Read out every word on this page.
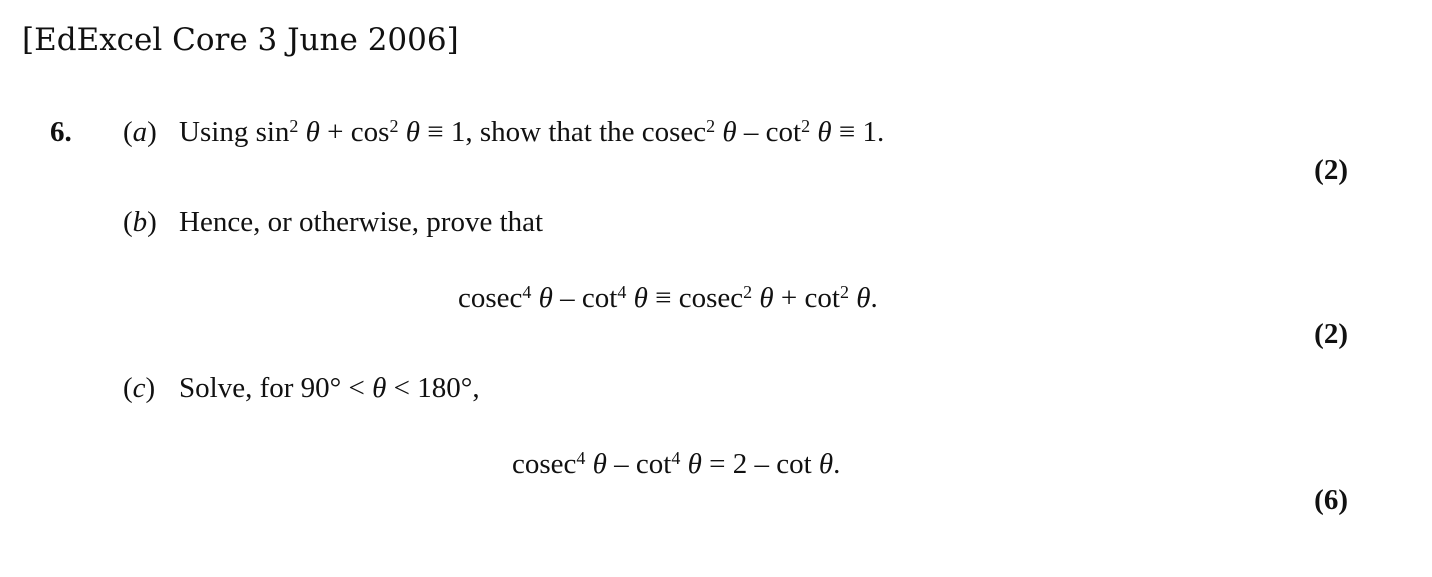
[EdExcel Core 3 June 2006]
6. (a) Using $\sin^2 \theta + \cos^2 \theta \equiv 1$, show that the cosec$^2$ $\theta - \cot^2 \theta \equiv 1$.
(2)
(b) Hence, or otherwise, prove that
cosec$^4$ $\theta - \cot^4 \theta \equiv cosec^2$ $\theta + \cot^2 \theta$.
(2)
(c) Solve, for 90° < θ < 180°,
cosec$^4$ $\theta - \cot^4 \theta = 2 - \cot \theta$.
(6)
